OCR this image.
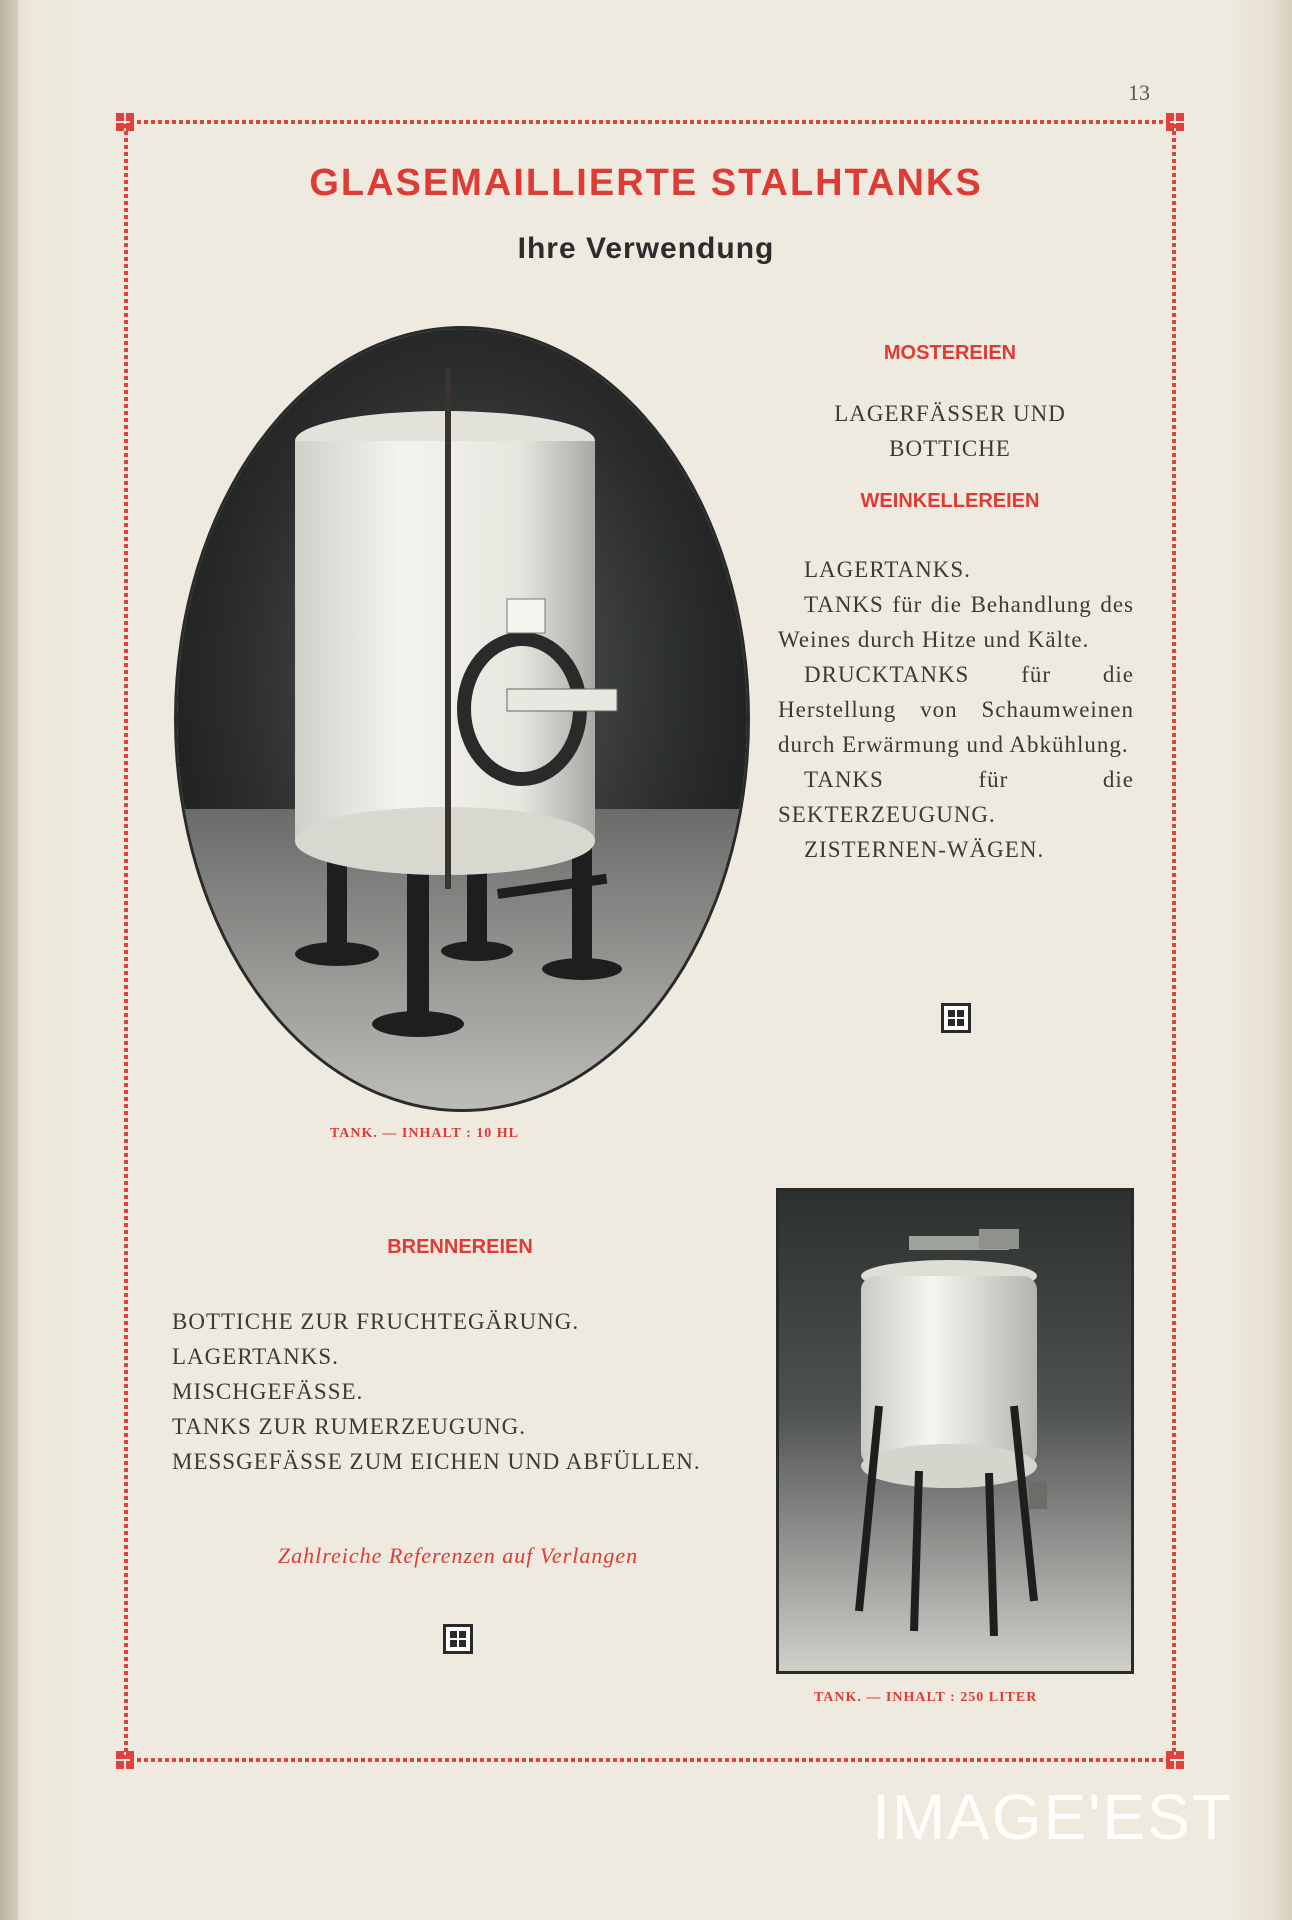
13
GLASEMAILLIERTE STALHTANKS
Ihre Verwendung
TANK. — INHALT : 10 HL
MOSTEREIEN

LAGERFÄSSER UND

BOTTICHE

WEINKELLEREIEN

LAGERTANKS.

TANKS für die Behandlung des Weines durch Hitze und Kälte.

DRUCKTANKS für die Herstellung von Schaumweinen durch Erwärmung und Abkühlung.

TANKS für die SEKTERZEUGUNG.

ZISTERNEN-WÄGEN.

BRENNEREIEN

BOTTICHE ZUR FRUCHTEGÄRUNG.

LAGERTANKS.

MISCHGEFÄSSE.

TANKS ZUR RUMERZEUGUNG.

MESSGEFÄSSE ZUM EICHEN UND ABFÜLLEN.

Zahlreiche Referenzen auf Verlangen
TANK. — INHALT : 250 LITER
IMAGE'EST
